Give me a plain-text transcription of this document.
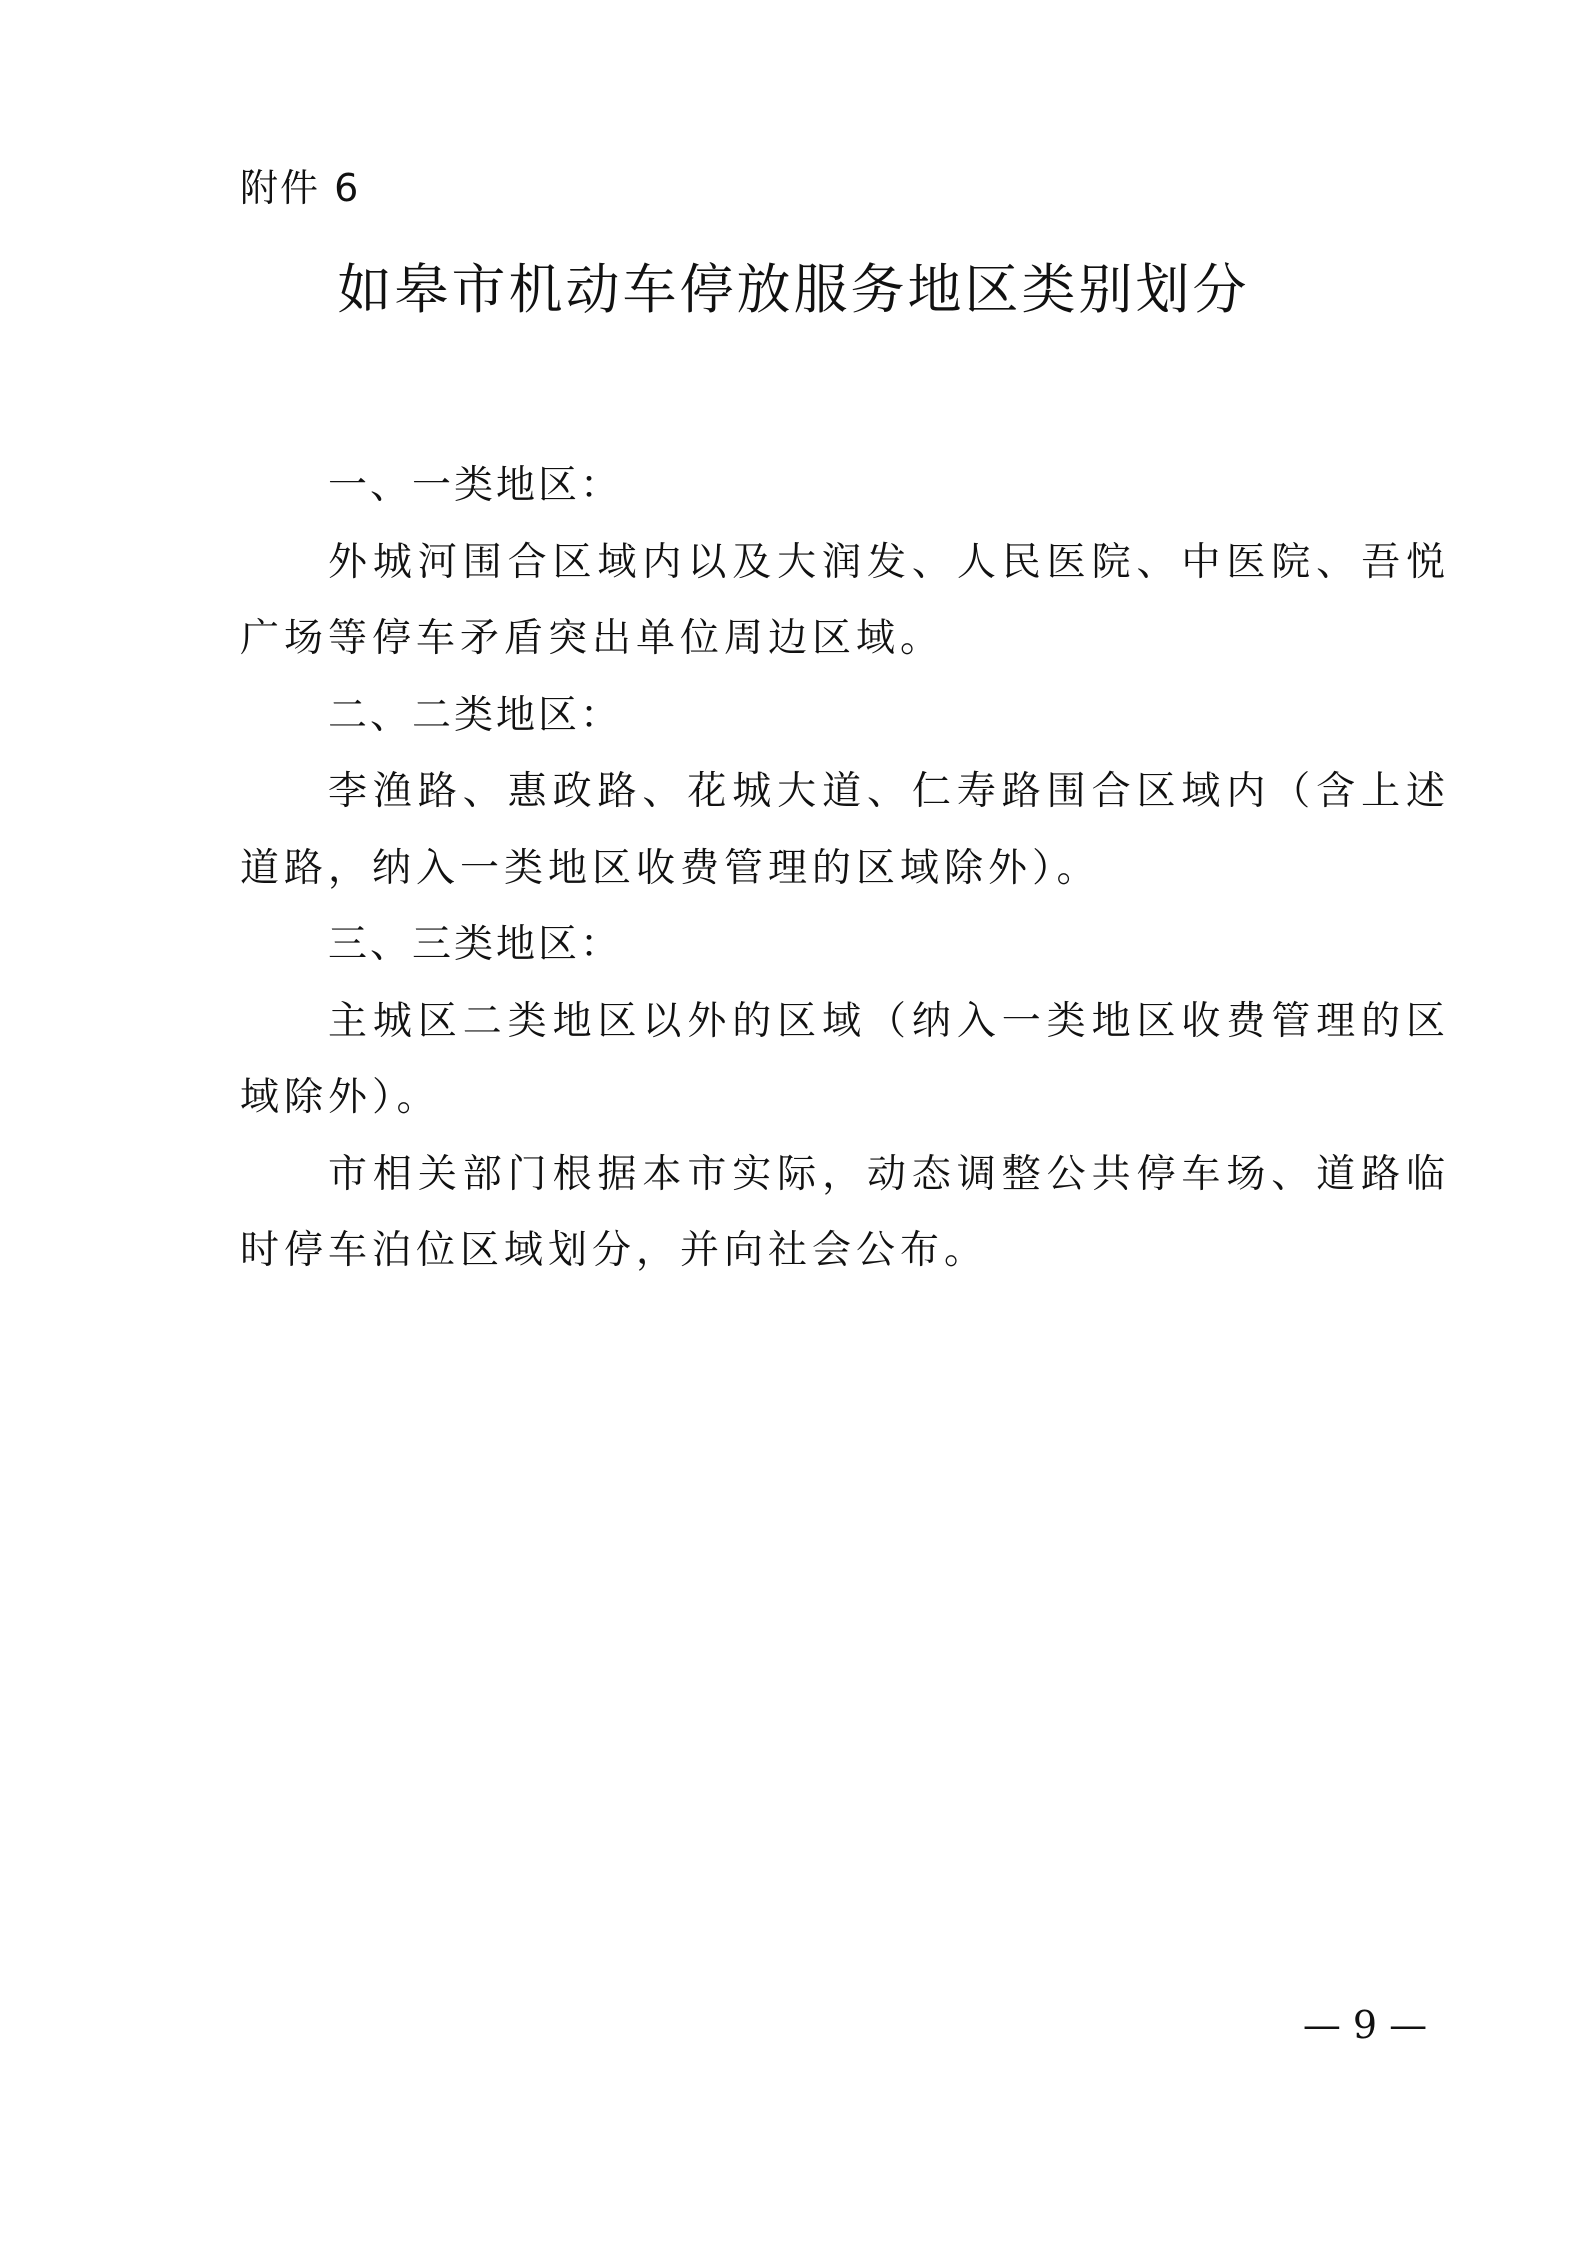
附件 6
如皋市机动车停放服务地区类别划分

一、一类地区：

外城河围合区域内以及大润发、人民医院、中医院、吾悦广场等停车矛盾突出单位周边区域。

二、二类地区：

李渔路、惠政路、花城大道、仁寿路围合区域内（含上述道路，纳入一类地区收费管理的区域除外）。

三、三类地区：

主城区二类地区以外的区域（纳入一类地区收费管理的区域除外）。

市相关部门根据本市实际，动态调整公共停车场、道路临时停车泊位区域划分，并向社会公布。

— 9 —
